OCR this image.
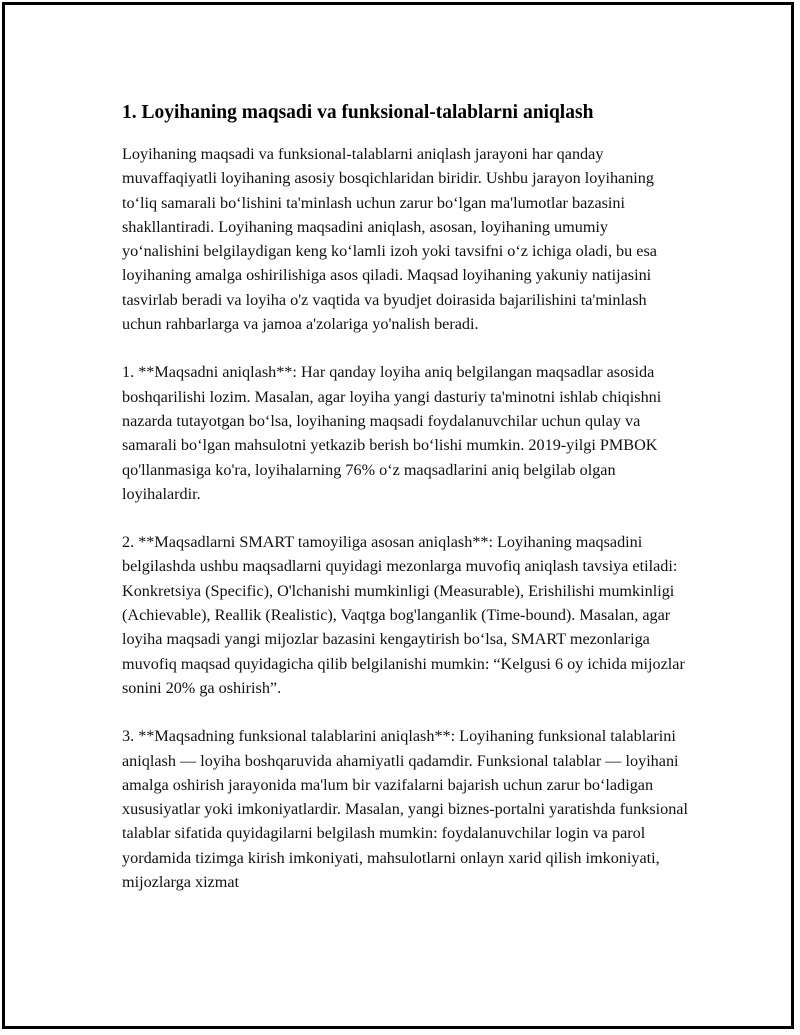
1. Loyihaning maqsadi va funksional-talablarni aniqlash

Loyihaning maqsadi va funksional-talablarni aniqlash jarayoni har qanday muvaffaqiyatli loyihaning asosiy bosqichlaridan biridir. Ushbu jarayon loyihaning to‘liq samarali bo‘lishini ta'minlash uchun zarur bo‘lgan ma'lumotlar bazasini shakllantiradi. Loyihaning maqsadini aniqlash, asosan, loyihaning umumiy yo‘nalishini belgilaydigan keng ko‘lamli izoh yoki tavsifni o‘z ichiga oladi, bu esa loyihaning amalga oshirilishiga asos qiladi. Maqsad loyihaning yakuniy natijasini tasvirlab beradi va loyiha o'z vaqtida va byudjet doirasida bajarilishini ta'minlash uchun rahbarlarga va jamoa a'zolariga yo'nalish beradi.

1. **Maqsadni aniqlash**: Har qanday loyiha aniq belgilangan maqsadlar asosida boshqarilishi lozim. Masalan, agar loyiha yangi dasturiy ta'minotni ishlab chiqishni nazarda tutayotgan bo‘lsa, loyihaning maqsadi foydalanuvchilar uchun qulay va samarali bo‘lgan mahsulotni yetkazib berish bo‘lishi mumkin. 2019-yilgi PMBOK qo'llanmasiga ko'ra, loyihalarning 76% o‘z maqsadlarini aniq belgilab olgan loyihalardir.

2. **Maqsadlarni SMART tamoyiliga asosan aniqlash**: Loyihaning maqsadini belgilashda ushbu maqsadlarni quyidagi mezonlarga muvofiq aniqlash tavsiya etiladi: Konkretsiya (Specific), O'lchanishi mumkinligi (Measurable), Erishilishi mumkinligi (Achievable), Reallik (Realistic), Vaqtga bog'langanlik (Time-bound). Masalan, agar loyiha maqsadi yangi mijozlar bazasini kengaytirish bo‘lsa, SMART mezonlariga muvofiq maqsad quyidagicha qilib belgilanishi mumkin: “Kelgusi 6 oy ichida mijozlar sonini 20% ga oshirish”.

3. **Maqsadning funksional talablarini aniqlash**: Loyihaning funksional talablarini aniqlash — loyiha boshqaruvida ahamiyatli qadamdir. Funksional talablar — loyihani amalga oshirish jarayonida ma'lum bir vazifalarni bajarish uchun zarur bo‘ladigan xususiyatlar yoki imkoniyatlardir. Masalan, yangi biznes-portalni yaratishda funksional talablar sifatida quyidagilarni belgilash mumkin: foydalanuvchilar login va parol yordamida tizimga kirish imkoniyati, mahsulotlarni onlayn xarid qilish imkoniyati, mijozlarga xizmat
